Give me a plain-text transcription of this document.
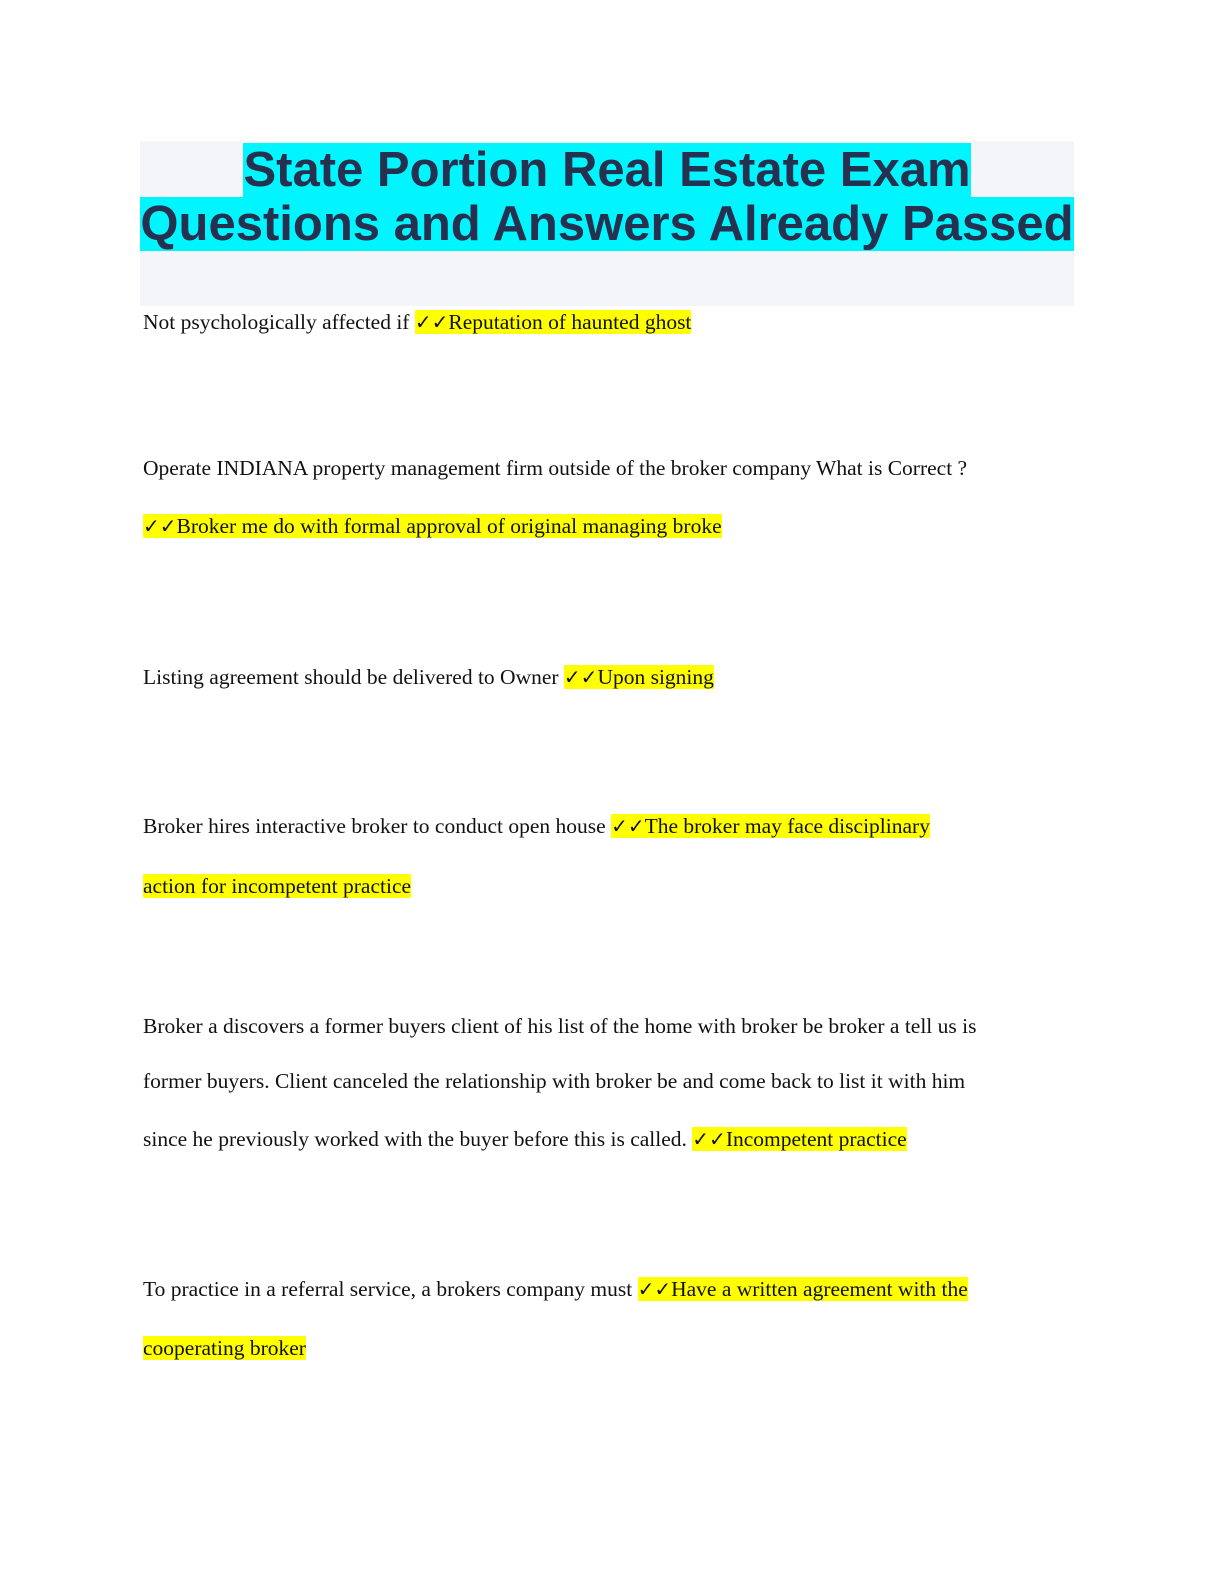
State Portion Real Estate Exam
Questions and Answers Already Passed
Not psychologically affected if ✓✓Reputation of haunted ghost
Operate INDIANA property management firm outside of the broker company What is Correct ?
✓✓Broker me do with formal approval of original managing broke
Listing agreement should be delivered to Owner ✓✓Upon signing
Broker hires interactive broker to conduct open house ✓✓The broker may face disciplinary
action for incompetent practice
Broker a discovers a former buyers client of his list of the home with broker be broker a tell us is
former buyers. Client canceled the relationship with broker be and come back to list it with him
since he previously worked with the buyer before this is called. ✓✓Incompetent practice
To practice in a referral service, a brokers company must ✓✓Have a written agreement with the
cooperating broker
